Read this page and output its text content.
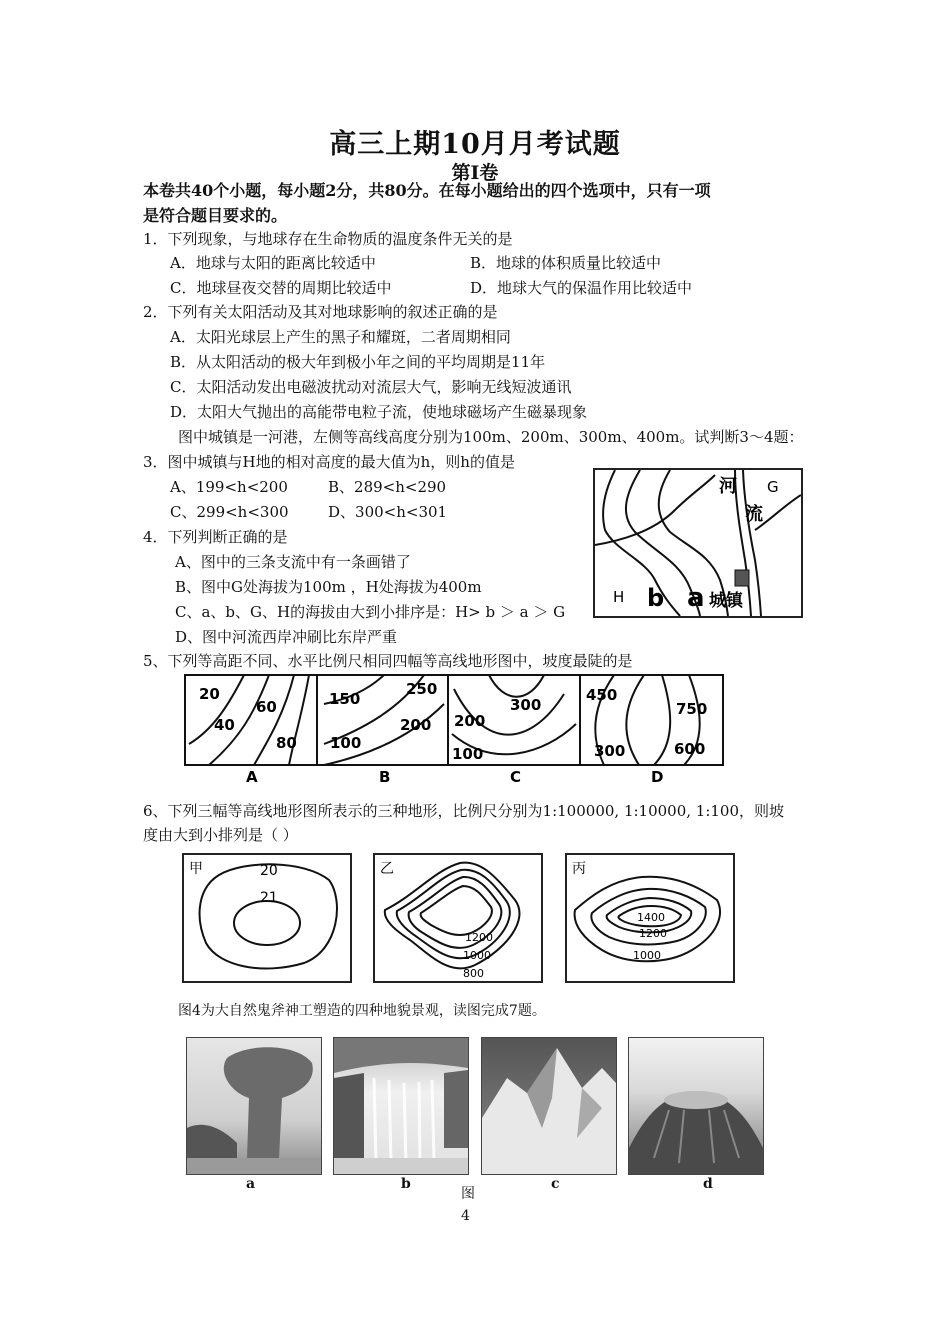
高三上期10月月考试题
第Ⅰ卷
本卷共40个小题，每小题2分，共80分。在每小题给出的四个选项中，只有一项
是符合题目要求的。
1．下列现象，与地球存在生命物质的温度条件无关的是
A．地球与太阳的距离比较适中	B．地球的体积质量比较适中
C．地球昼夜交替的周期比较适中	D．地球大气的保温作用比较适中
2．下列有关太阳活动及其对地球影响的叙述正确的是
A．太阳光球层上产生的黑子和耀斑，二者周期相同
B．从太阳活动的极大年到极小年之间的平均周期是11年
C．太阳活动发出电磁波扰动对流层大气，影响无线短波通讯
D．太阳大气抛出的高能带电粒子流，使地球磁场产生磁暴现象
图中城镇是一河港，左侧等高线高度分别为100m、200m、300m、400m。试判断3～4题：
3．图中城镇与H地的相对高度的最大值为h，则h的值是
A、199<h<200	B、289<h<290
C、299<h<300	D、300<h<301
4．下列判断正确的是
A、图中的三条支流中有一条画错了
B、图中G处海拔为100m ，H处海拔为400m
C、a、b、G、H的海拔由大到小排序是：H> b ＞ a ＞ G
D、图中河流西岸冲刷比东岸严重
河
流
G
H b a 城镇
5、下列等高距不同、水平比例尺相同四幅等高线地形图中，坡度最陡的是
20
40
60
80
150
250
200
100
300
200
100
450
750
300	600
A	B	C	D
6、下列三幅等高线地形图所表示的三种地形，比例尺分别为1:100000, 1:10000, 1:100，则坡
度由大到小排列是（ ）
甲	20
21
乙
1200
1000
800
丙
1400
1200
1000
图4为大自然鬼斧神工塑造的四种地貌景观，读图完成7题。
a	b	c	d
图
4
